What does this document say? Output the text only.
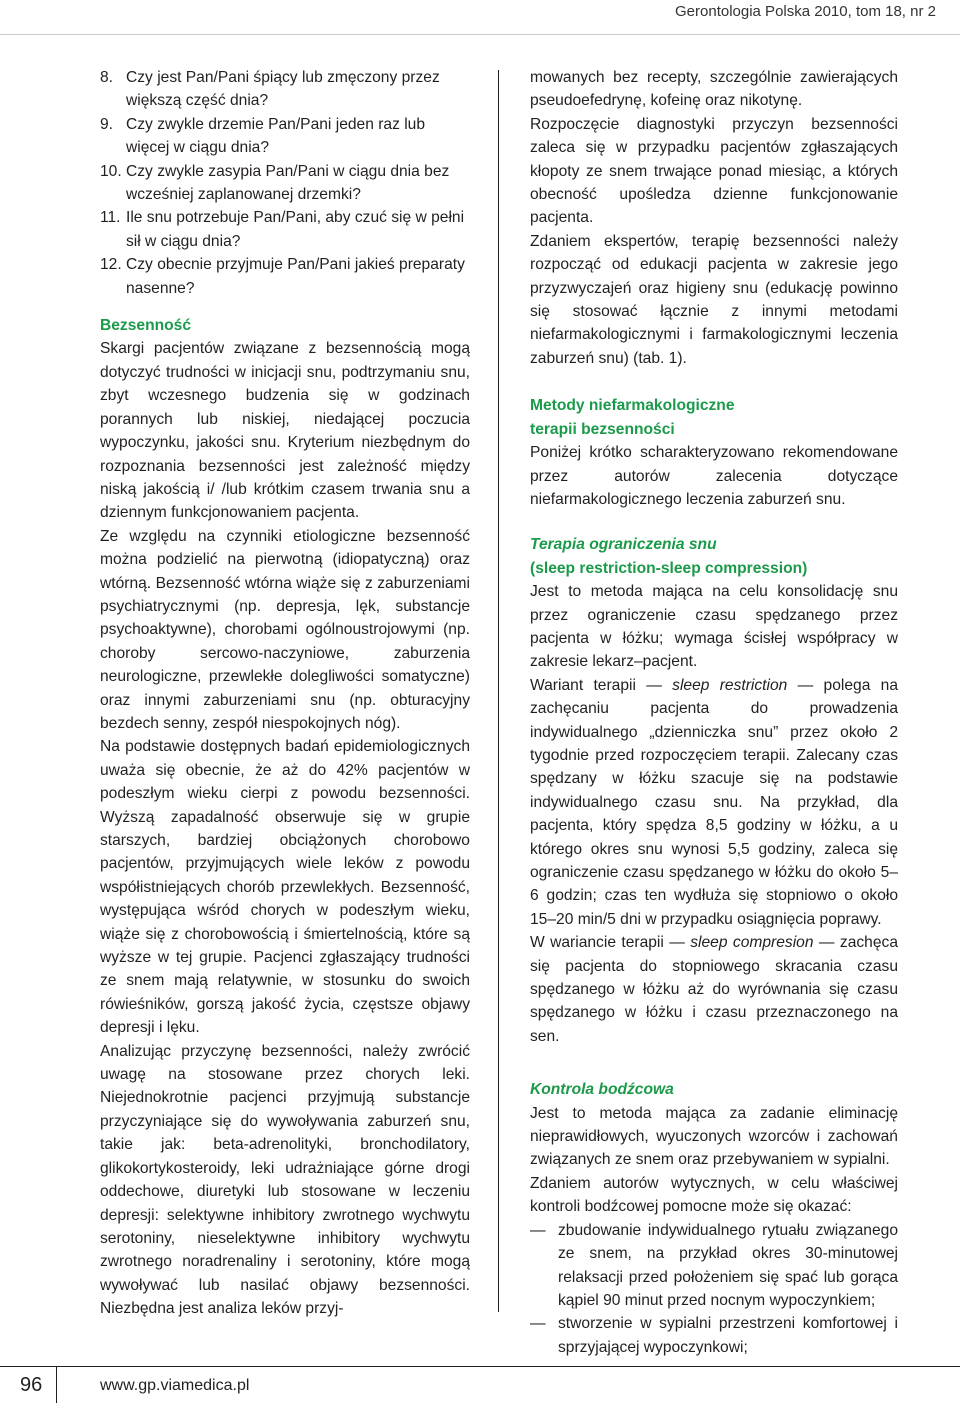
Gerontologia Polska 2010, tom 18, nr 2
8. Czy jest Pan/Pani śpiący lub zmęczony przez większą część dnia?
9. Czy zwykle drzemie Pan/Pani jeden raz lub więcej w ciągu dnia?
10. Czy zwykle zasypia Pan/Pani w ciągu dnia bez wcześniej zaplanowanej drzemki?
11. Ile snu potrzebuje Pan/Pani, aby czuć się w pełni sił w ciągu dnia?
12. Czy obecnie przyjmuje Pan/Pani jakieś preparaty nasenne?
Bezsenność

Skargi pacjentów związane z bezsennością mogą dotyczyć trudności w inicjacji snu, podtrzymaniu snu, zbyt wczesnego budzenia się w godzinach porannych lub niskiej, niedającej poczucia wypoczynku, jakości snu. Kryterium niezbędnym do rozpoznania bezsenności jest zależność między niską jakością i/ /lub krótkim czasem trwania snu a dziennym funkcjonowaniem pacjenta.

Ze względu na czynniki etiologiczne bezsenność można podzielić na pierwotną (idiopatyczną) oraz wtórną. Bezsenność wtórna wiąże się z zaburzeniami psychiatrycznymi (np. depresja, lęk, substancje psychoaktywne), chorobami ogólnoustrojowymi (np. choroby sercowo-naczyniowe, zaburzenia neurologiczne, przewlekłe dolegliwości somatyczne) oraz innymi zaburzeniami snu (np. obturacyjny bezdech senny, zespół niespokojnych nóg).

Na podstawie dostępnych badań epidemiologicznych uważa się obecnie, że aż do 42% pacjentów w podeszłym wieku cierpi z powodu bezsenności. Wyższą zapadalność obserwuje się w grupie starszych, bardziej obciążonych chorobowo pacjentów, przyjmujących wiele leków z powodu współistniejących chorób przewlekłych. Bezsenność, występująca wśród chorych w podeszłym wieku, wiąże się z chorobowością i śmiertelnością, które są wyższe w tej grupie. Pacjenci zgłaszający trudności ze snem mają relatywnie, w stosunku do swoich rówieśników, gorszą jakość życia, częstsze objawy depresji i lęku.

Analizując przyczynę bezsenności, należy zwrócić uwagę na stosowane przez chorych leki. Niejednokrotnie pacjenci przyjmują substancje przyczyniające się do wywoływania zaburzeń snu, takie jak: beta-adrenolityki, bronchodilatory, glikokortykosteroidy, leki udrażniające górne drogi oddechowe, diuretyki lub stosowane w leczeniu depresji: selektywne inhibitory zwrotnego wychwytu serotoniny, nieselektywne inhibitory wychwytu zwrotnego noradrenaliny i serotoniny, które mogą wywoływać lub nasilać objawy bezsenności. Niezbędna jest analiza leków przyj-

mowanych bez recepty, szczególnie zawierających pseudoefedrynę, kofeinę oraz nikotynę.

Rozpoczęcie diagnostyki przyczyn bezsenności zaleca się w przypadku pacjentów zgłaszających kłopoty ze snem trwające ponad miesiąc, a których obecność upośledza dzienne funkcjonowanie pacjenta.

Zdaniem ekspertów, terapię bezsenności należy rozpocząć od edukacji pacjenta w zakresie jego przyzwyczajeń oraz higieny snu (edukację powinno się stosować łącznie z innymi metodami niefarmakologicznymi i farmakologicznymi leczenia zaburzeń snu) (tab. 1).

Metody niefarmakologiczne
terapii bezsenności

Poniżej krótko scharakteryzowano rekomendowane przez autorów zalecenia dotyczące niefarmakologicznego leczenia zaburzeń snu.

Terapia ograniczenia snu
(sleep restriction-sleep compression)

Jest to metoda mająca na celu konsolidację snu przez ograniczenie czasu spędzanego przez pacjenta w łóżku; wymaga ścisłej współpracy w zakresie lekarz–pacjent.

Wariant terapii — sleep restriction — polega na zachęcaniu pacjenta do prowadzenia indywidualnego „dzienniczka snu” przez około 2 tygodnie przed rozpoczęciem terapii. Zalecany czas spędzany w łóżku szacuje się na podstawie indywidualnego czasu snu. Na przykład, dla pacjenta, który spędza 8,5 godziny w łóżku, a u którego okres snu wynosi 5,5 godziny, zaleca się ograniczenie czasu spędzanego w łóżku do około 5–6 godzin; czas ten wydłuża się stopniowo o około 15–20 min/5 dni w przypadku osiągnięcia poprawy.

W wariancie terapii — sleep compresion — zachęca się pacjenta do stopniowego skracania czasu spędzanego w łóżku aż do wyrównania się czasu spędzanego w łóżku i czasu przeznaczonego na sen.

Kontrola bodźcowa

Jest to metoda mająca za zadanie eliminację nieprawidłowych, wyuczonych wzorców i zachowań związanych ze snem oraz przebywaniem w sypialni.

Zdaniem autorów wytycznych, w celu właściwej kontroli bodźcowej pomocne może się okazać:

— zbudowanie indywidualnego rytuału związanego ze snem, na przykład okres 30-minutowej relaksacji przed położeniem się spać lub gorąca kąpiel 90 minut przed nocnym wypoczynkiem;
— stworzenie w sypialni przestrzeni komfortowej i sprzyjającej wypoczynkowi;
96	www.gp.viamedica.pl
